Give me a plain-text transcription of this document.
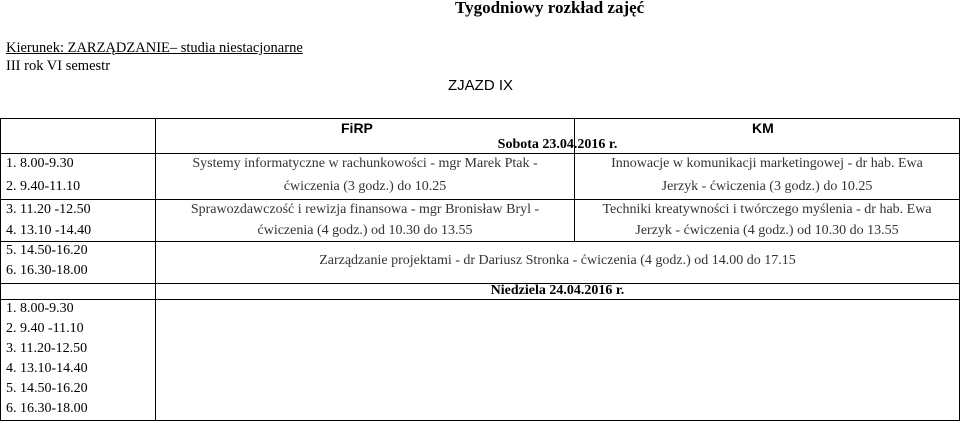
Tygodniowy rozkład zajęć
Kierunek: ZARZĄDZANIE– studia niestacjonarne
III rok VI semestr
ZJAZD IX
FiRP	KM
Sobota 23.04.2016 r.
1. 8.00-9.30
2. 9.40-11.10
3. 11.20 -12.50
4. 13.10 -14.40
5. 14.50-16.20
6. 16.30-18.00
Systemy informatyczne w rachunkowości - mgr Marek Ptak -
ćwiczenia (3 godz.) do 10.25
Innowacje w komunikacji marketingowej - dr hab. Ewa
Jerzyk - ćwiczenia (3 godz.) do 10.25
Sprawozdawczość i rewizja finansowa - mgr Bronisław Bryl -
ćwiczenia (4 godz.) od 10.30 do 13.55
Techniki kreatywności i twórczego myślenia - dr hab. Ewa
Jerzyk - ćwiczenia (4 godz.) od 10.30 do 13.55
Zarządzanie projektami - dr Dariusz Stronka - ćwiczenia (4 godz.) od 14.00 do 17.15
Niedziela 24.04.2016 r.
1. 8.00-9.30
2. 9.40 -11.10
3. 11.20-12.50
4. 13.10-14.40
5. 14.50-16.20
6. 16.30-18.00
